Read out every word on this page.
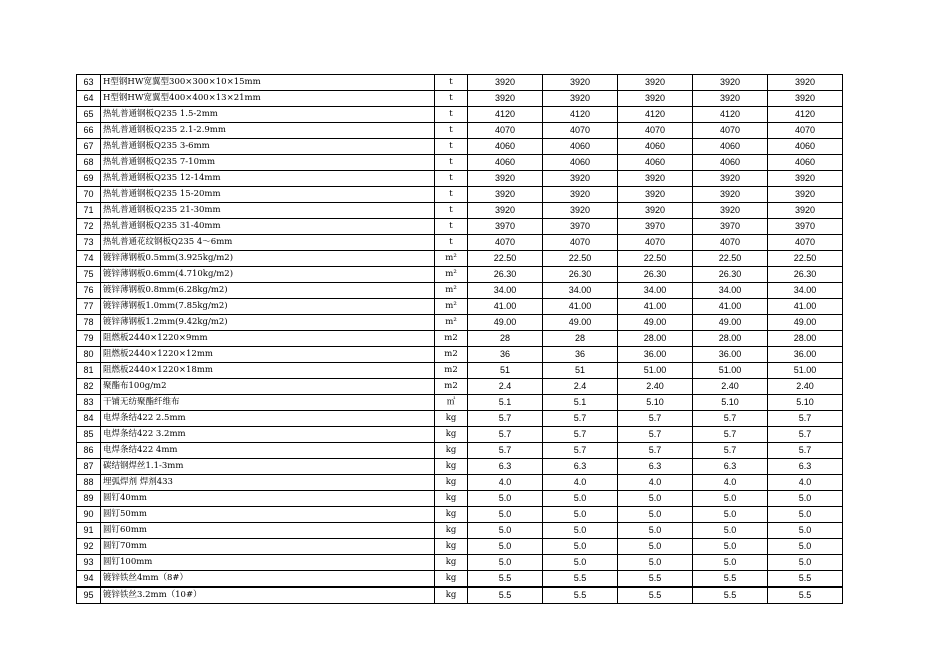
63	H型钢HW宽翼型300×300×10×15mm	t	3920	3920	3920	3920	3920
64	H型钢HW宽翼型400×400×13×21mm	t	3920	3920	3920	3920	3920
65	热轧普通钢板Q235 1.5-2mm	t	4120	4120	4120	4120	4120
66	热轧普通钢板Q235 2.1-2.9mm	t	4070	4070	4070	4070	4070
67	热轧普通钢板Q235 3-6mm	t	4060	4060	4060	4060	4060
68	热轧普通钢板Q235 7-10mm	t	4060	4060	4060	4060	4060
69	热轧普通钢板Q235 12-14mm	t	3920	3920	3920	3920	3920
70	热轧普通钢板Q235 15-20mm	t	3920	3920	3920	3920	3920
71	热轧普通钢板Q235 21-30mm	t	3920	3920	3920	3920	3920
72	热轧普通钢板Q235 31-40mm	t	3970	3970	3970	3970	3970
73	热轧普通花纹钢板Q235 4～6mm	t	4070	4070	4070	4070	4070
74	镀锌薄钢板0.5mm(3.925kg/m2)	m²	22.50	22.50	22.50	22.50	22.50
75	镀锌薄钢板0.6mm(4.710kg/m2)	m²	26.30	26.30	26.30	26.30	26.30
76	镀锌薄钢板0.8mm(6.28kg/m2)	m²	34.00	34.00	34.00	34.00	34.00
77	镀锌薄钢板1.0mm(7.85kg/m2)	m²	41.00	41.00	41.00	41.00	41.00
78	镀锌薄钢板1.2mm(9.42kg/m2)	m²	49.00	49.00	49.00	49.00	49.00
79	阻燃板2440×1220×9mm	m2	28	28	28.00	28.00	28.00
80	阻燃板2440×1220×12mm	m2	36	36	36.00	36.00	36.00
81	阻燃板2440×1220×18mm	m2	51	51	51.00	51.00	51.00
82	聚酯布100g/m2	m2	2.4	2.4	2.40	2.40	2.40
83	干铺无纺聚酯纤维布	㎡	5.1	5.1	5.10	5.10	5.10
84	电焊条结422 2.5mm	kg	5.7	5.7	5.7	5.7	5.7
85	电焊条结422 3.2mm	kg	5.7	5.7	5.7	5.7	5.7
86	电焊条结422 4mm	kg	5.7	5.7	5.7	5.7	5.7
87	碳结钢焊丝1.1-3mm	kg	6.3	6.3	6.3	6.3	6.3
88	埋弧焊剂 焊剂433	kg	4.0	4.0	4.0	4.0	4.0
89	圆钉40mm	kg	5.0	5.0	5.0	5.0	5.0
90	圆钉50mm	kg	5.0	5.0	5.0	5.0	5.0
91	圆钉60mm	kg	5.0	5.0	5.0	5.0	5.0
92	圆钉70mm	kg	5.0	5.0	5.0	5.0	5.0
93	圆钉100mm	kg	5.0	5.0	5.0	5.0	5.0
94	镀锌铁丝4mm（8#）	kg	5.5	5.5	5.5	5.5	5.5
95	镀锌铁丝3.2mm（10#）	kg	5.5	5.5	5.5	5.5	5.5
